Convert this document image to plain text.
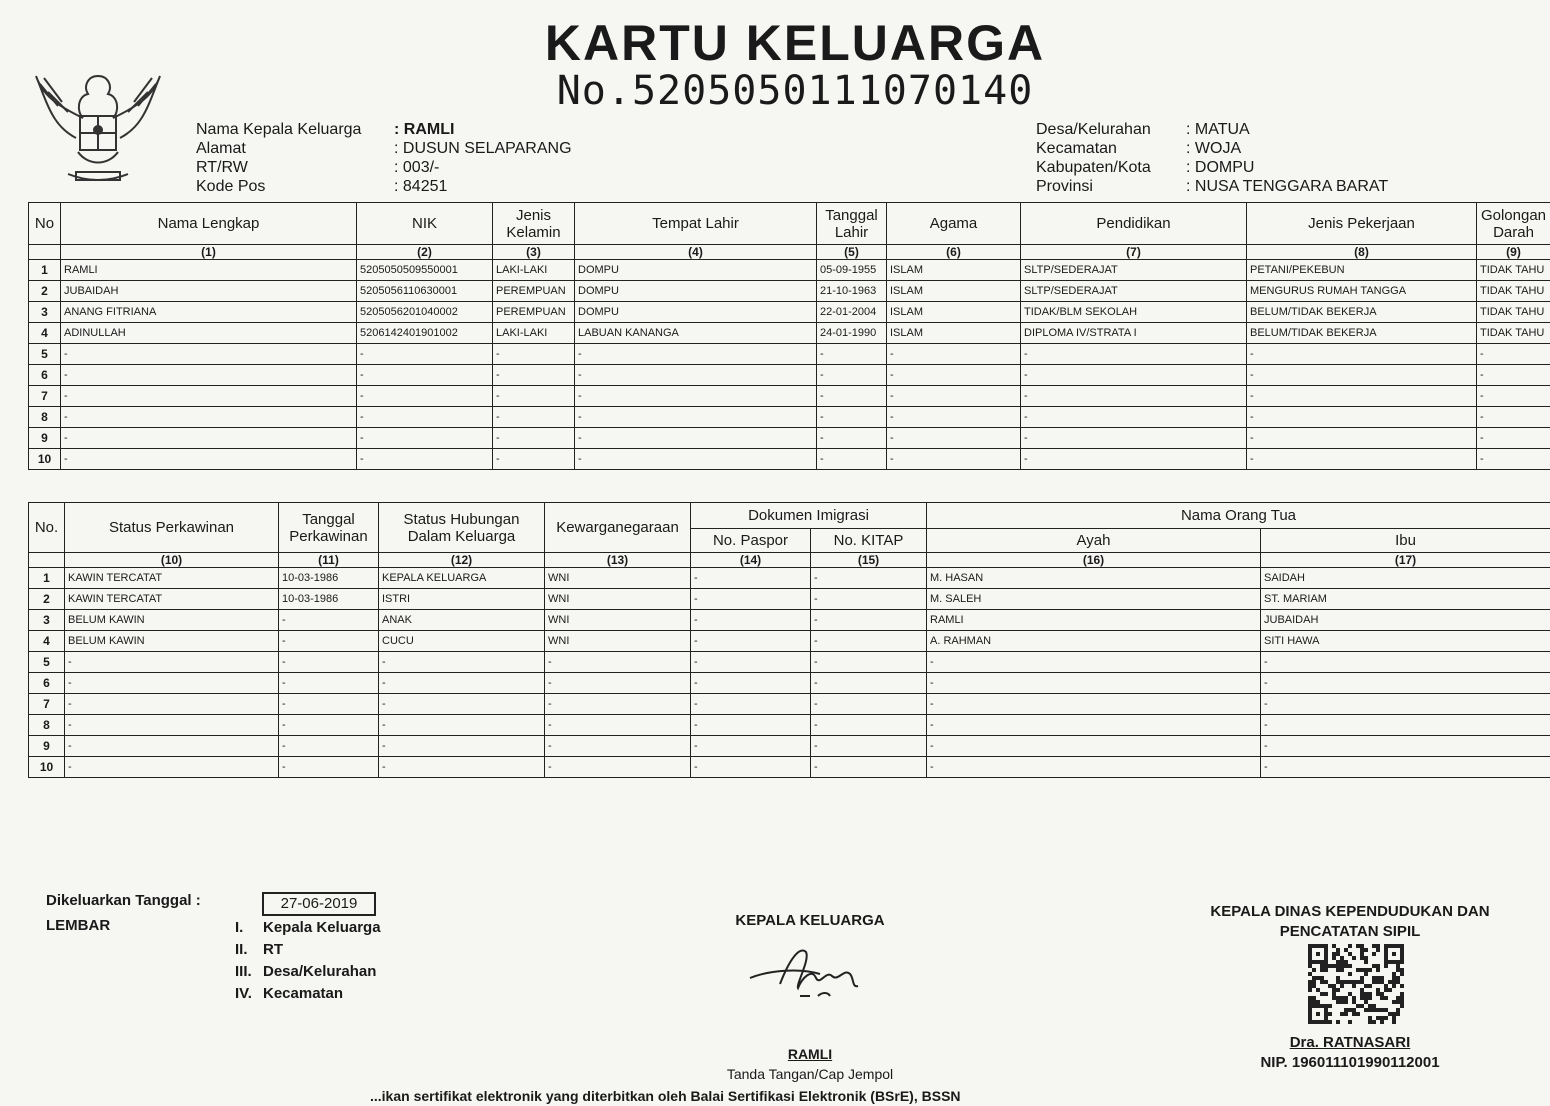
KARTU KELUARGA
No.5205050111070140
Nama Kepala Keluarga	: RAMLI
Alamat	: DUSUN SELAPARANG
RT/RW	: 003/-
Kode Pos	: 84251
Desa/Kelurahan	: MATUA
Kecamatan	: WOJA
Kabupaten/Kota	: DOMPU
Provinsi	: NUSA TENGGARA BARAT
No	Nama Lengkap	NIK	Jenis Kelamin	Tempat Lahir	Tanggal Lahir	Agama	Pendidikan	Jenis Pekerjaan	Golongan Darah
	(1)	(2)	(3)	(4)	(5)	(6)	(7)	(8)	(9)
1	RAMLI	5205050509550001	LAKI-LAKI	DOMPU	05-09-1955	ISLAM	SLTP/SEDERAJAT	PETANI/PEKEBUN	TIDAK TAHU
2	JUBAIDAH	5205056110630001	PEREMPUAN	DOMPU	21-10-1963	ISLAM	SLTP/SEDERAJAT	MENGURUS RUMAH TANGGA	TIDAK TAHU
3	ANANG FITRIANA	5205056201040002	PEREMPUAN	DOMPU	22-01-2004	ISLAM	TIDAK/BLM SEKOLAH	BELUM/TIDAK BEKERJA	TIDAK TAHU
4	ADINULLAH	5206142401901002	LAKI-LAKI	LABUAN KANANGA	24-01-1990	ISLAM	DIPLOMA IV/STRATA I	BELUM/TIDAK BEKERJA	TIDAK TAHU
5	-	-	-	-	-	-	-	-	-
6	-	-	-	-	-	-	-	-	-
7	-	-	-	-	-	-	-	-	-
8	-	-	-	-	-	-	-	-	-
9	-	-	-	-	-	-	-	-	-
10	-	-	-	-	-	-	-	-	-
No.	Status Perkawinan	Tanggal Perkawinan	Status Hubungan Dalam Keluarga	Kewarganegaraan	Dokumen Imigrasi		Nama Orang Tua	
					No. Paspor	No. KITAP	Ayah	Ibu
	(10)	(11)	(12)	(13)	(14)	(15)	(16)	(17)
1	KAWIN TERCATAT	10-03-1986	KEPALA KELUARGA	WNI	-	-	M. HASAN	SAIDAH
2	KAWIN TERCATAT	10-03-1986	ISTRI	WNI	-	-	M. SALEH	ST. MARIAM
3	BELUM KAWIN	-	ANAK	WNI	-	-	RAMLI	JUBAIDAH
4	BELUM KAWIN	-	CUCU	WNI	-	-	A. RAHMAN	SITI HAWA
5	-	-	-	-	-	-	-	-
6	-	-	-	-	-	-	-	-
7	-	-	-	-	-	-	-	-
8	-	-	-	-	-	-	-	-
9	-	-	-	-	-	-	-	-
10	-	-	-	-	-	-	-	-
Dikeluarkan Tanggal :
LEMBAR
27-06-2019
I.	Kepala Keluarga
II.	RT
III. Desa/Kelurahan
IV. Kecamatan
KEPALA KELUARGA
RAMLI
Tanda Tangan/Cap Jempol
KEPALA DINAS KEPENDUDUKAN DAN
PENCATATAN SIPIL
Dra. RATNASARI
NIP. 196011101990112001
...ikan sertifikat elektronik yang diterbitkan oleh Balai Sertifikasi Elektronik (BSrE), BSSN
